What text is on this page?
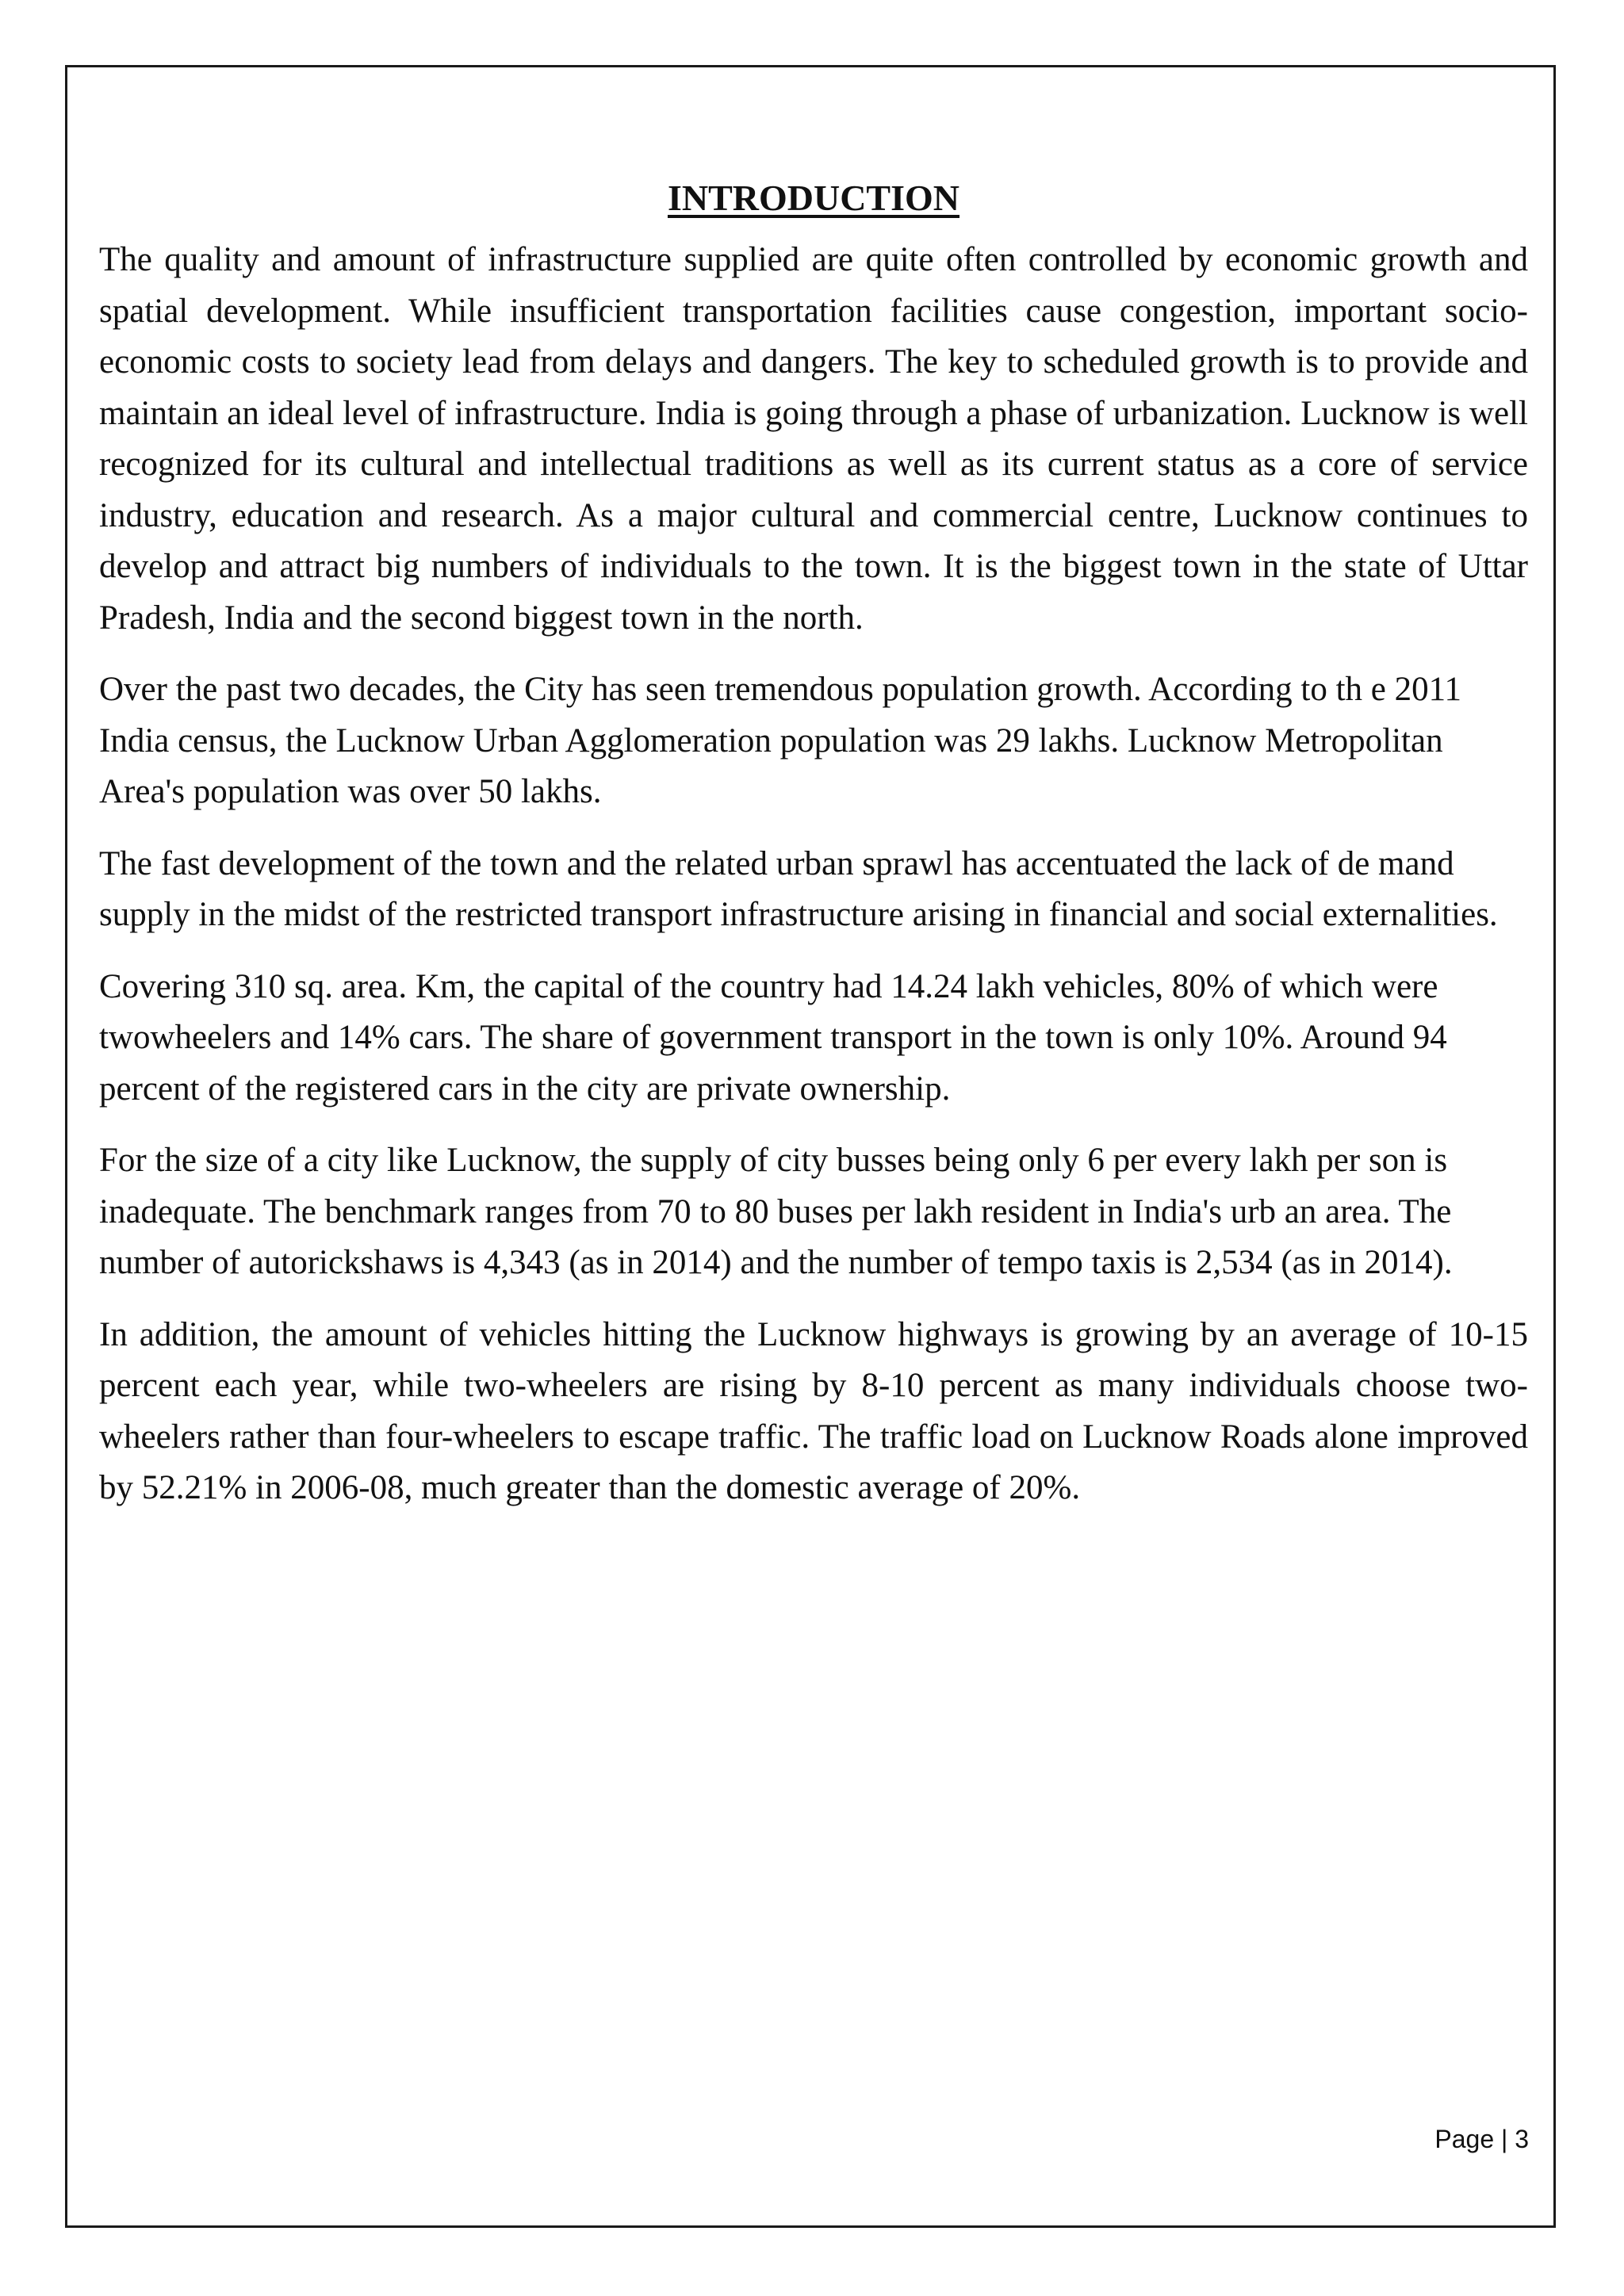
INTRODUCTION

The quality and amount of infrastructure supplied are quite often controlled by economic growth and spatial development. While insufficient transportation facilities cause congestion, important socio-economic costs to society lead from delays and dangers. The key to scheduled growth is to provide and maintain an ideal level of infrastructure. India is going through a phase of urbanization. Lucknow is well recognized for its cultural and intellectual traditions as well as its current status as a core of service industry, education and research. As a major cultural and commercial centre, Lucknow continues to develop and attract big numbers of individuals to the town. It is the biggest town in the state of Uttar Pradesh, India and the second biggest town in the north.

Over the past two decades, the City has seen tremendous population growth. According to th e 2011 India census, the Lucknow Urban Agglomeration population was 29 lakhs. Lucknow Metropolitan Area's population was over 50 lakhs.

The fast development of the town and the related urban sprawl has accentuated the lack of de mand supply in the midst of the restricted transport infrastructure arising in financial and social externalities.

Covering 310 sq. area. Km, the capital of the country had 14.24 lakh vehicles, 80% of which were twowheelers and 14% cars. The share of government transport in the town is only 10%. Around 94 percent of the registered cars in the city are private ownership.

For the size of a city like Lucknow, the supply of city busses being only 6 per every lakh per son is inadequate. The benchmark ranges from 70 to 80 buses per lakh resident in India's urb an area. The number of autorickshaws is 4,343 (as in 2014) and the number of tempo taxis is 2,534 (as in 2014).

In addition, the amount of vehicles hitting the Lucknow highways is growing by an average of 10-15 percent each year, while two-wheelers are rising by 8-10 percent as many individuals choose two-wheelers rather than four-wheelers to escape traffic. The traffic load on Lucknow Roads alone improved by 52.21% in 2006-08, much greater than the domestic average of 20%.

Page | 3
